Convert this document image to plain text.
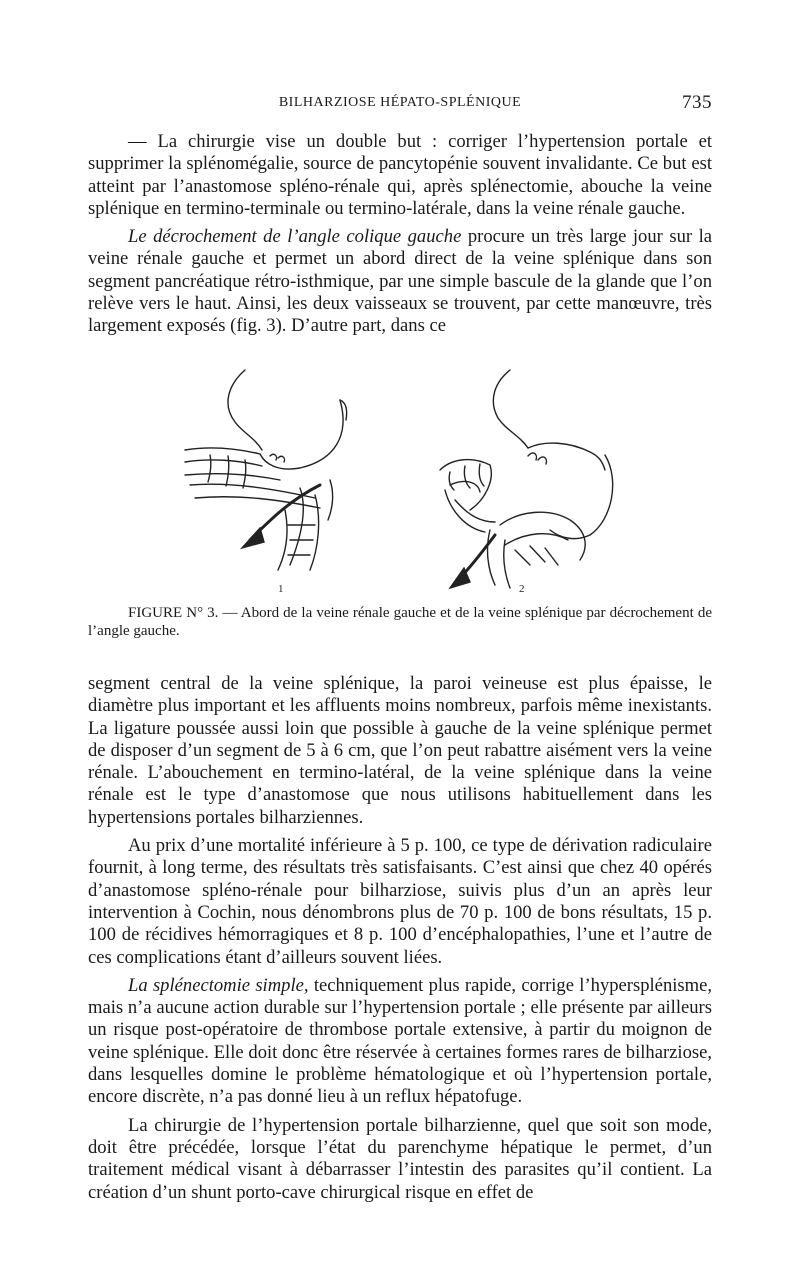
BILHARZIOSE HÉPATO-SPLÉNIQUE	735

— La chirurgie vise un double but : corriger l’hypertension portale et supprimer la splénomégalie, source de pancytopénie souvent invalidante. Ce but est atteint par l’anastomose spléno-rénale qui, après splénectomie, abouche la veine splénique en termino-terminale ou termino-latérale, dans la veine rénale gauche.

Le décrochement de l’angle colique gauche procure un très large jour sur la veine rénale gauche et permet un abord direct de la veine splénique dans son segment pancréatique rétro-isthmique, par une simple bascule de la glande que l’on relève vers le haut. Ainsi, les deux vaisseaux se trouvent, par cette manœuvre, très largement exposés (fig. 3). D’autre part, dans ce

1	2

FIGURE N° 3. — Abord de la veine rénale gauche et de la veine splénique par décrochement de l’angle gauche.

segment central de la veine splénique, la paroi veineuse est plus épaisse, le diamètre plus important et les affluents moins nombreux, parfois même inexistants. La ligature poussée aussi loin que possible à gauche de la veine splénique permet de disposer d’un segment de 5 à 6 cm, que l’on peut rabattre aisément vers la veine rénale. L’abouchement en termino-latéral, de la veine splénique dans la veine rénale est le type d’anastomose que nous utilisons habituellement dans les hypertensions portales bilharziennes.

Au prix d’une mortalité inférieure à 5 p. 100, ce type de dérivation radiculaire fournit, à long terme, des résultats très satisfaisants. C’est ainsi que chez 40 opérés d’anastomose spléno-rénale pour bilharziose, suivis plus d’un an après leur intervention à Cochin, nous dénombrons plus de 70 p. 100 de bons résultats, 15 p. 100 de récidives hémorragiques et 8 p. 100 d’encéphalopathies, l’une et l’autre de ces complications étant d’ailleurs souvent liées.

La splénectomie simple, techniquement plus rapide, corrige l’hypersplénisme, mais n’a aucune action durable sur l’hypertension portale ; elle présente par ailleurs un risque post-opératoire de thrombose portale extensive, à partir du moignon de veine splénique. Elle doit donc être réservée à certaines formes rares de bilharziose, dans lesquelles domine le problème hématologique et où l’hypertension portale, encore discrète, n’a pas donné lieu à un reflux hépatofuge.

La chirurgie de l’hypertension portale bilharzienne, quel que soit son mode, doit être précédée, lorsque l’état du parenchyme hépatique le permet, d’un traitement médical visant à débarrasser l’intestin des parasites qu’il contient. La création d’un shunt porto-cave chirurgical risque en effet de
